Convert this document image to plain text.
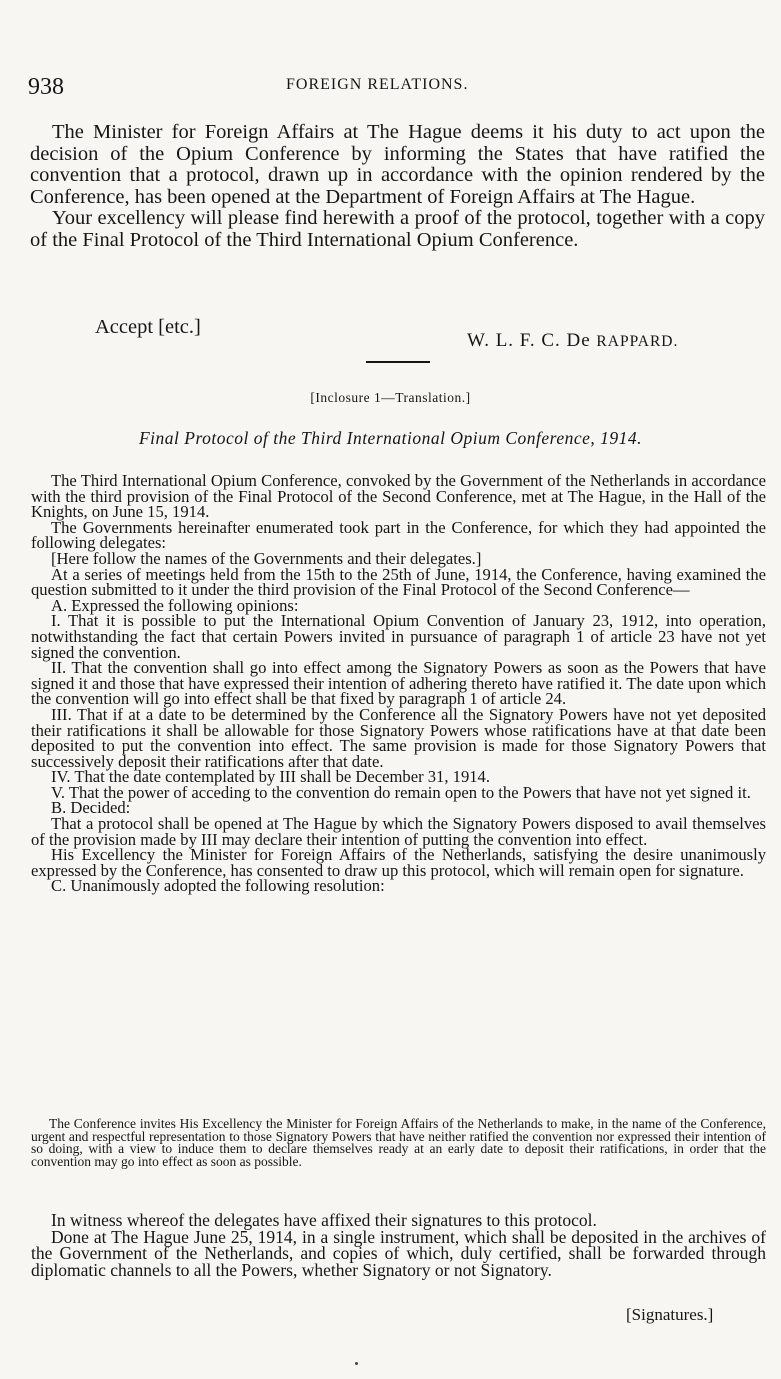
938	FOREIGN RELATIONS.

The Minister for Foreign Affairs at The Hague deems it his duty to act upon the decision of the Opium Conference by informing the States that have ratified the convention that a protocol, drawn up in accordance with the opinion rendered by the Conference, has been opened at the Department of Foreign Affairs at The Hague.

Your excellency will please find herewith a proof of the protocol, together with a copy of the Final Protocol of the Third International Opium Conference.

Accept [etc.]
W. L. F. C. De RAPPARD.
[Inclosure 1—Translation.]
Final Protocol of the Third International Opium Conference, 1914.

The Third International Opium Conference, convoked by the Government of the Netherlands in accordance with the third provision of the Final Protocol of the Second Conference, met at The Hague, in the Hall of the Knights, on June 15, 1914.

The Governments hereinafter enumerated took part in the Conference, for which they had appointed the following delegates:

[Here follow the names of the Governments and their delegates.]

At a series of meetings held from the 15th to the 25th of June, 1914, the Conference, having examined the question submitted to it under the third provision of the Final Protocol of the Second Conference—

A. Expressed the following opinions:

I. That it is possible to put the International Opium Convention of January 23, 1912, into operation, notwithstanding the fact that certain Powers invited in pursuance of paragraph 1 of article 23 have not yet signed the convention.

II. That the convention shall go into effect among the Signatory Powers as soon as the Powers that have signed it and those that have expressed their intention of adhering thereto have ratified it. The date upon which the convention will go into effect shall be that fixed by paragraph 1 of article 24.

III. That if at a date to be determined by the Conference all the Signatory Powers have not yet deposited their ratifications it shall be allowable for those Signatory Powers whose ratifications have at that date been deposited to put the convention into effect. The same provision is made for those Signatory Powers that successively deposit their ratifications after that date.

IV. That the date contemplated by III shall be December 31, 1914.

V. That the power of acceding to the convention do remain open to the Powers that have not yet signed it.

B. Decided:

That a protocol shall be opened at The Hague by which the Signatory Powers disposed to avail themselves of the provision made by III may declare their intention of putting the convention into effect.

His Excellency the Minister for Foreign Affairs of the Netherlands, satisfying the desire unanimously expressed by the Conference, has consented to draw up this protocol, which will remain open for signature.

C. Unanimously adopted the following resolution:

The Conference invites His Excellency the Minister for Foreign Affairs of the Netherlands to make, in the name of the Conference, urgent and respectful representation to those Signatory Powers that have neither ratified the convention nor expressed their intention of so doing, with a view to induce them to declare themselves ready at an early date to deposit their ratifications, in order that the convention may go into effect as soon as possible.

In witness whereof the delegates have affixed their signatures to this protocol.

Done at The Hague June 25, 1914, in a single instrument, which shall be deposited in the archives of the Government of the Netherlands, and copies of which, duly certified, shall be forwarded through diplomatic channels to all the Powers, whether Signatory or not Signatory.

[Signatures.]
